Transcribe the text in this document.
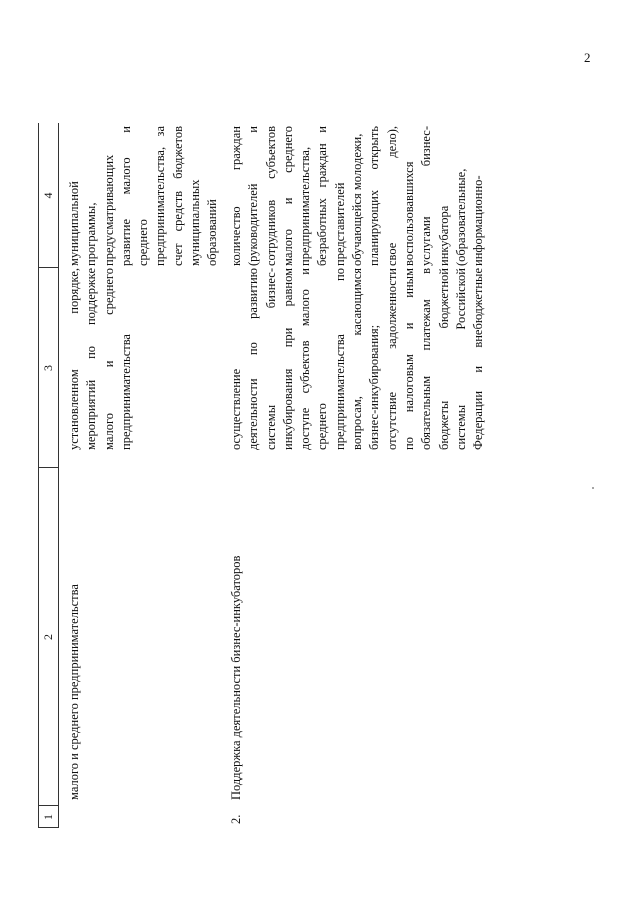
2
1
2
3
4
малого и среднего предпринимательства
установленном порядке, мероприятий по поддержке малого и среднего предпринимательства
муниципальной программы, предусматривающих развитие малого и среднего предпринимательства, за счет средств бюджетов муниципальных образований
2.
Поддержка деятельности бизнес-инкубаторов
осуществление деятельности по развитию системы бизнес- инкубирования при равном доступе субъектов малого и среднего предпринимательства по вопросам, касающимся бизнес-инкубирования; отсутствие задолженности по налоговым и иным обязательным платежам в бюджеты бюджетной системы Российской Федерации и внебюджетные
количество граждан (руководителей и сотрудников субъектов малого и среднего предпринимательства, безработных граждан и представителей обучающейся молодежи, планирующих открыть свое дело), воспользовавшихся услугами бизнес- инкубатора (образовательные, информационно-
